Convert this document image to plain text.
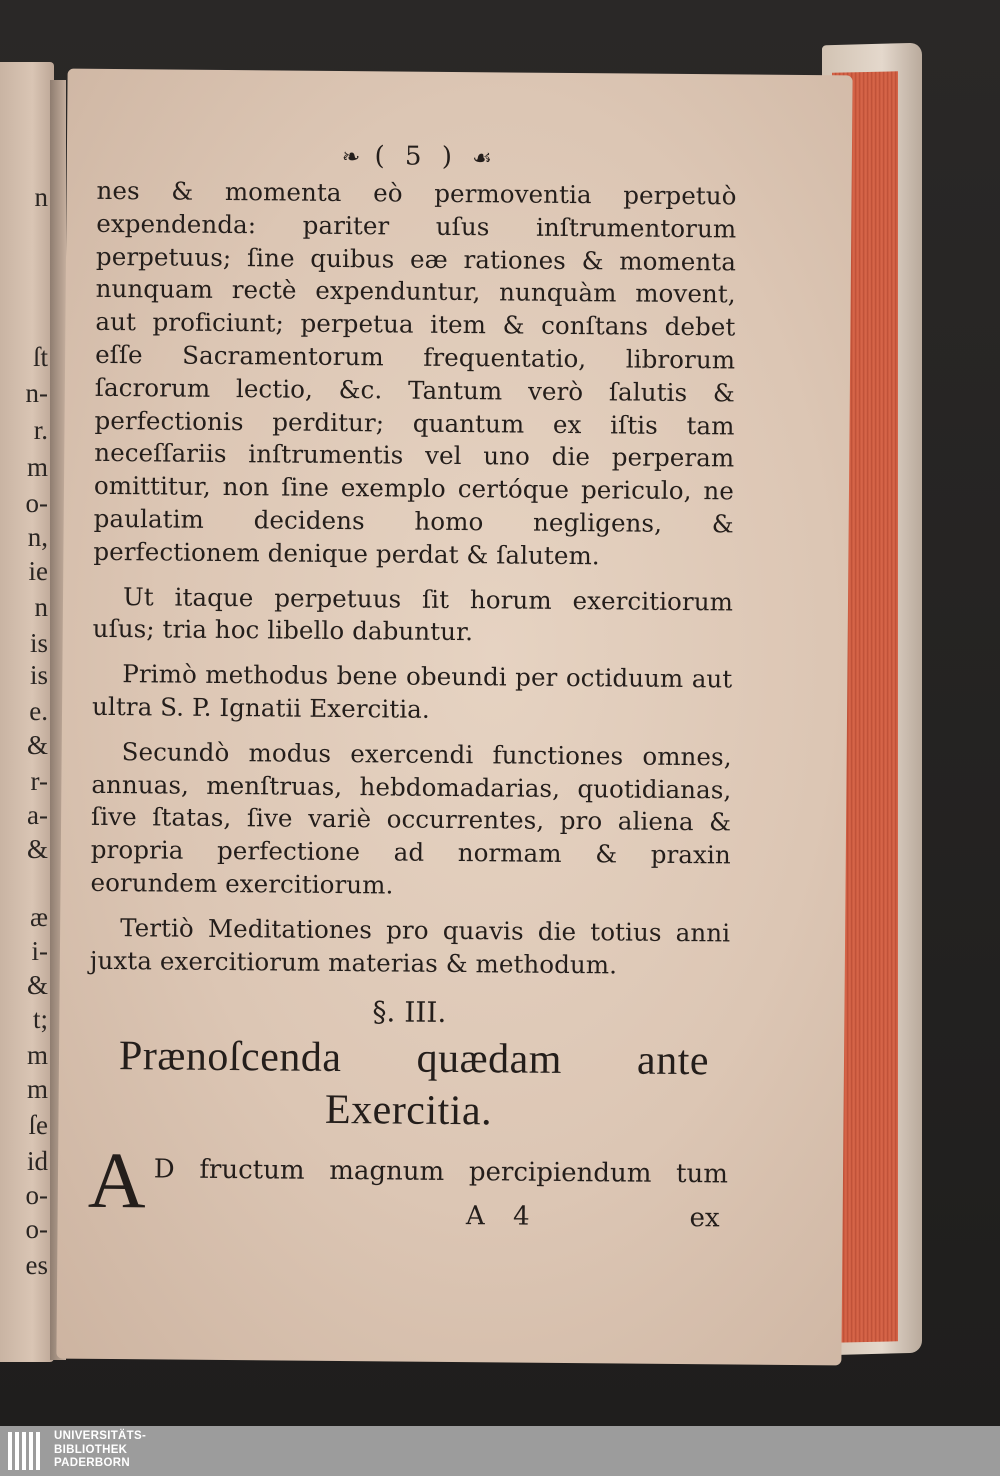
n
ſt
n-
r.
m
o-
n,
ie
n
is
is
e.
&
r-
a-
&
æ
i-
&
t;
m
m
ſe
id
o-
o-
es
❧ ( 5 ) ☙

nes & momenta eò permoventia perpetuò expendenda: pariter uſus inſtrumentorum perpetuus; ſine quibus eæ rationes & momenta nunquam rectè expenduntur, nunquàm movent, aut proficiunt; perpetua item & conſtans debet eſſe Sacramentorum frequentatio, librorum ſacrorum lectio, &c. Tantum verò ſalutis & perfectionis perditur; quantum ex iſtis tam neceſſariis inſtrumentis vel uno die perperam omittitur, non ſine exemplo certóque periculo, ne paulatim decidens homo negligens, & perfectionem denique perdat & ſalutem.

Ut itaque perpetuus ſit horum exercitiorum uſus; tria hoc libello dabuntur.

Primò methodus bene obeundi per octiduum aut ultra S. P. Ignatii Exercitia.

Secundò modus exercendi functiones omnes, annuas, menſtruas, hebdomadarias, quotidianas, ſive ſtatas, ſive variè occurrentes, pro aliena & propria perfectione ad normam & praxin eorundem exercitiorum.

Tertiò Meditationes pro quavis die totius anni juxta exercitiorum materias & methodum.

§. III.
Prænoſcenda quædam ante
Exercitia.
A D fructum magnum percipiendum tum
A 4	ex
UNIVERSITÄTS-
BIBLIOTHEK
PADERBORN
